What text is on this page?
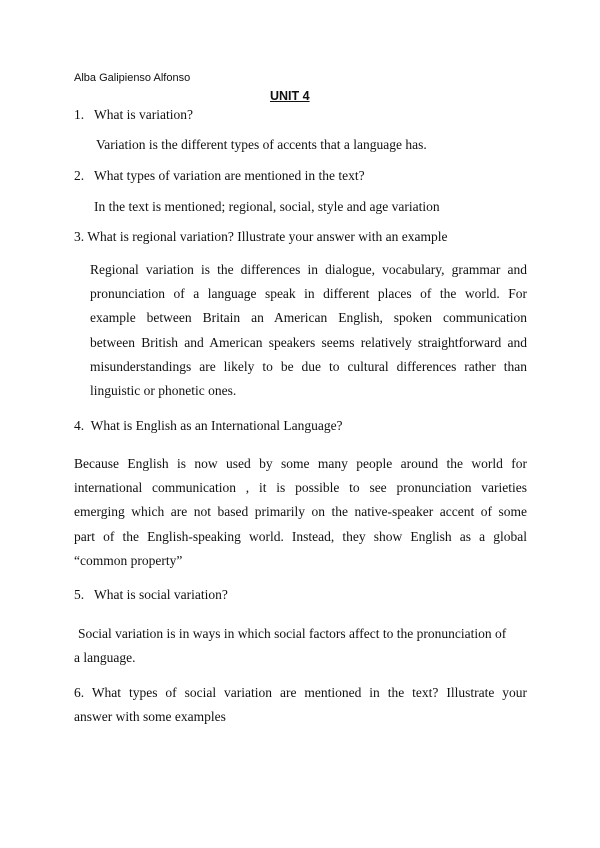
Alba Galipienso Alfonso
UNIT 4
1. What is variation?
Variation is the different types of accents that a language has.
2. What types of variation are mentioned in the text?
In the text is mentioned; regional, social, style and age variation
3. What is regional variation? Illustrate your answer with an example
Regional variation is the differences in dialogue, vocabulary, grammar and
pronunciation of a language speak in different places of the world. For
example between Britain an American English, spoken communication
between British and American speakers seems relatively straightforward and
misunderstandings are likely to be due to cultural differences rather than
linguistic or phonetic ones.
4. What is English as an International Language?
Because English is now used by some many people around the world for
international communication , it is possible to see pronunciation varieties
emerging which are not based primarily on the native-speaker accent of some
part of the English-speaking world. Instead, they show English as a global
“common property”
5. What is social variation?
Social variation is in ways in which social factors affect to the pronunciation of
a language.
6. What types of social variation are mentioned in the text? Illustrate your
answer with some examples
